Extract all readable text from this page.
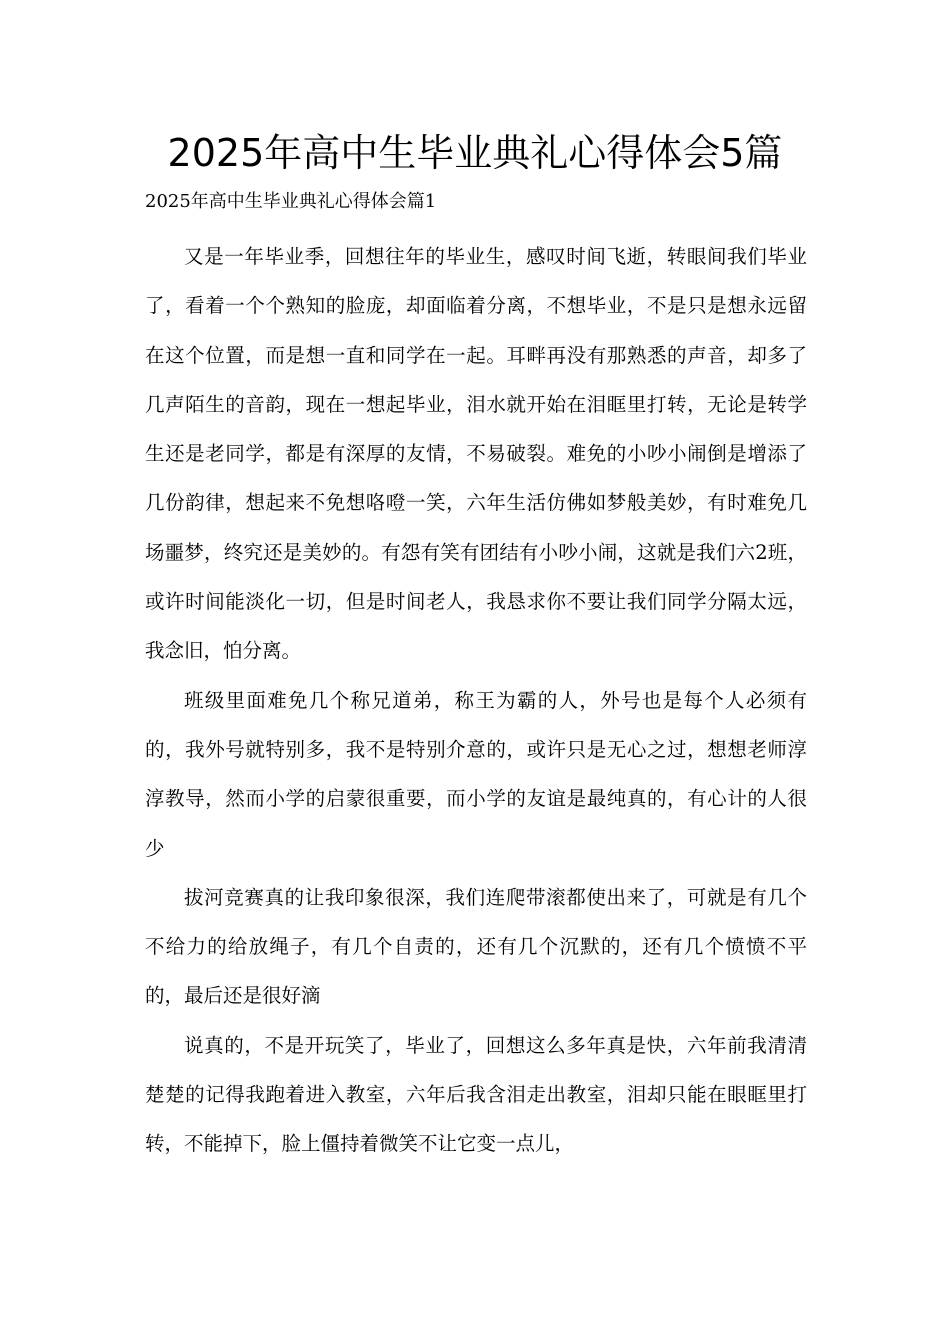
2025年高中生毕业典礼心得体会5篇
2025年高中生毕业典礼心得体会篇1

又是一年毕业季，回想往年的毕业生，感叹时间飞逝，转眼间我们毕业了，看着一个个熟知的脸庞，却面临着分离，不想毕业，不是只是想永远留在这个位置，而是想一直和同学在一起。耳畔再没有那熟悉的声音，却多了几声陌生的音韵，现在一想起毕业，泪水就开始在泪眶里打转，无论是转学生还是老同学，都是有深厚的友情，不易破裂。难免的小吵小闹倒是增添了几份韵律，想起来不免想咯噔一笑，六年生活仿佛如梦般美妙，有时难免几场噩梦，终究还是美妙的。有怨有笑有团结有小吵小闹，这就是我们六2班，或许时间能淡化一切，但是时间老人，我恳求你不要让我们同学分隔太远，我念旧，怕分离。

班级里面难免几个称兄道弟，称王为霸的人，外号也是每个人必须有的，我外号就特别多，我不是特别介意的，或许只是无心之过，想想老师淳淳教导，然而小学的启蒙很重要，而小学的友谊是最纯真的，有心计的人很少

拔河竞赛真的让我印象很深，我们连爬带滚都使出来了，可就是有几个不给力的给放绳子，有几个自责的，还有几个沉默的，还有几个愤愤不平的，最后还是很好滴

说真的，不是开玩笑了，毕业了，回想这么多年真是快，六年前我清清楚楚的记得我跑着进入教室，六年后我含泪走出教室，泪却只能在眼眶里打转，不能掉下，脸上僵持着微笑不让它变一点儿，
